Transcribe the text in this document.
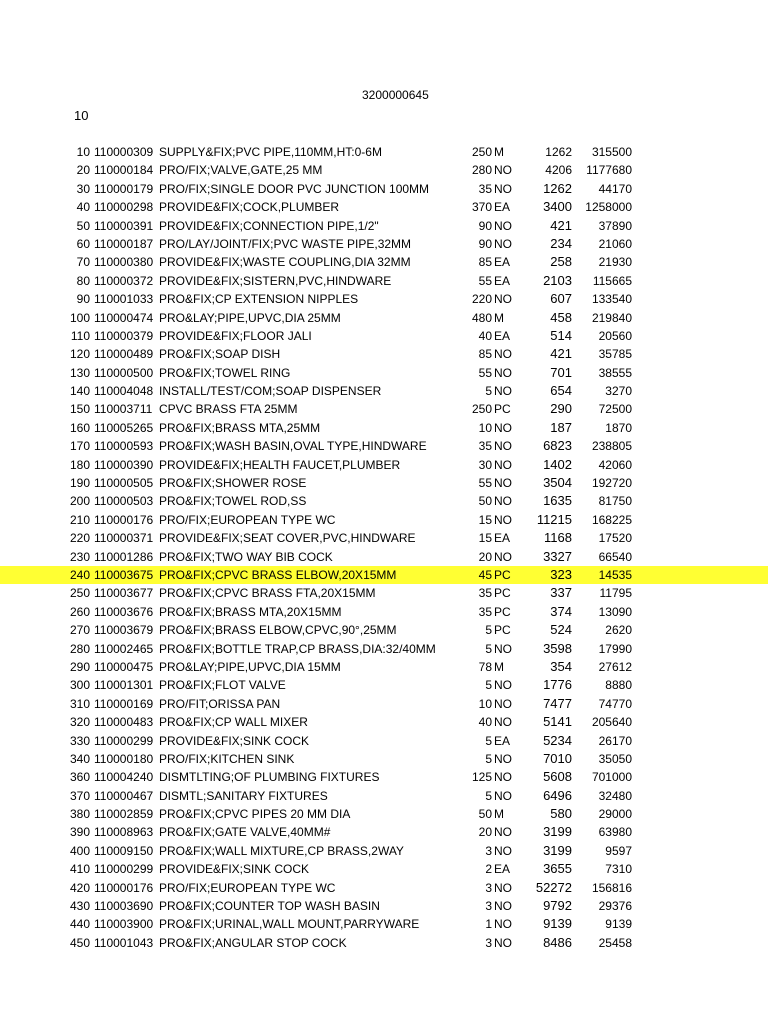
3200000645
10
10 110000309 SUPPLY&FIX;PVC PIPE,110MM,HT:0-6M	250 M	1262	315500
20 110000184 PRO/FIX;VALVE,GATE,25 MM	280 NO	4206	1177680
30 110000179 PRO/FIX;SINGLE DOOR PVC JUNCTION 100MM	35 NO	1262	44170
40 110000298 PROVIDE&FIX;COCK,PLUMBER	370 EA	3400	1258000
50 110000391 PROVIDE&FIX;CONNECTION PIPE,1/2"	90 NO	421	37890
60 110000187 PRO/LAY/JOINT/FIX;PVC WASTE PIPE,32MM	90 NO	234	21060
70 110000380 PROVIDE&FIX;WASTE COUPLING,DIA 32MM	85 EA	258	21930
80 110000372 PROVIDE&FIX;SISTERN,PVC,HINDWARE	55 EA	2103	115665
90 110001033 PRO&FIX;CP EXTENSION NIPPLES	220 NO	607	133540
100 110000474 PRO&LAY;PIPE,UPVC,DIA 25MM	480 M	458	219840
110 110000379 PROVIDE&FIX;FLOOR JALI	40 EA	514	20560
120 110000489 PRO&FIX;SOAP DISH	85 NO	421	35785
130 110000500 PRO&FIX;TOWEL RING	55 NO	701	38555
140 110004048 INSTALL/TEST/COM;SOAP DISPENSER	5 NO	654	3270
150 110003711 CPVC BRASS FTA 25MM	250 PC	290	72500
160 110005265 PRO&FIX;BRASS MTA,25MM	10 NO	187	1870
170 110000593 PRO&FIX;WASH BASIN,OVAL TYPE,HINDWARE	35 NO	6823	238805
180 110000390 PROVIDE&FIX;HEALTH FAUCET,PLUMBER	30 NO	1402	42060
190 110000505 PRO&FIX;SHOWER ROSE	55 NO	3504	192720
200 110000503 PRO&FIX;TOWEL ROD,SS	50 NO	1635	81750
210 110000176 PRO/FIX;EUROPEAN TYPE WC	15 NO	11215	168225
220 110000371 PROVIDE&FIX;SEAT COVER,PVC,HINDWARE	15 EA	1168	17520
230 110001286 PRO&FIX;TWO WAY BIB COCK	20 NO	3327	66540
240 110003675 PRO&FIX;CPVC BRASS ELBOW,20X15MM	45 PC	323	14535
250 110003677 PRO&FIX;CPVC BRASS FTA,20X15MM	35 PC	337	11795
260 110003676 PRO&FIX;BRASS MTA,20X15MM	35 PC	374	13090
270 110003679 PRO&FIX;BRASS ELBOW,CPVC,90°,25MM	5 PC	524	2620
280 110002465 PRO&FIX;BOTTLE TRAP,CP BRASS,DIA:32/40MM	5 NO	3598	17990
290 110000475 PRO&LAY;PIPE,UPVC,DIA 15MM	78 M	354	27612
300 110001301 PRO&FIX;FLOT VALVE	5 NO	1776	8880
310 110000169 PRO/FIT;ORISSA PAN	10 NO	7477	74770
320 110000483 PRO&FIX;CP WALL MIXER	40 NO	5141	205640
330 110000299 PROVIDE&FIX;SINK COCK	5 EA	5234	26170
340 110000180 PRO/FIX;KITCHEN SINK	5 NO	7010	35050
360 110004240 DISMTLTING;OF PLUMBING FIXTURES	125 NO	5608	701000
370 110000467 DISMTL;SANITARY FIXTURES	5 NO	6496	32480
380 110002859 PRO&FIX;CPVC PIPES 20 MM DIA	50 M	580	29000
390 110008963 PRO&FIX;GATE VALVE,40MM#	20 NO	3199	63980
400 110009150 PRO&FIX;WALL MIXTURE,CP BRASS,2WAY	3 NO	3199	9597
410 110000299 PROVIDE&FIX;SINK COCK	2 EA	3655	7310
420 110000176 PRO/FIX;EUROPEAN TYPE WC	3 NO	52272	156816
430 110003690 PRO&FIX;COUNTER TOP WASH BASIN	3 NO	9792	29376
440 110003900 PRO&FIX;URINAL,WALL MOUNT,PARRYWARE	1 NO	9139	9139
450 110001043 PRO&FIX;ANGULAR STOP COCK	3 NO	8486	25458
